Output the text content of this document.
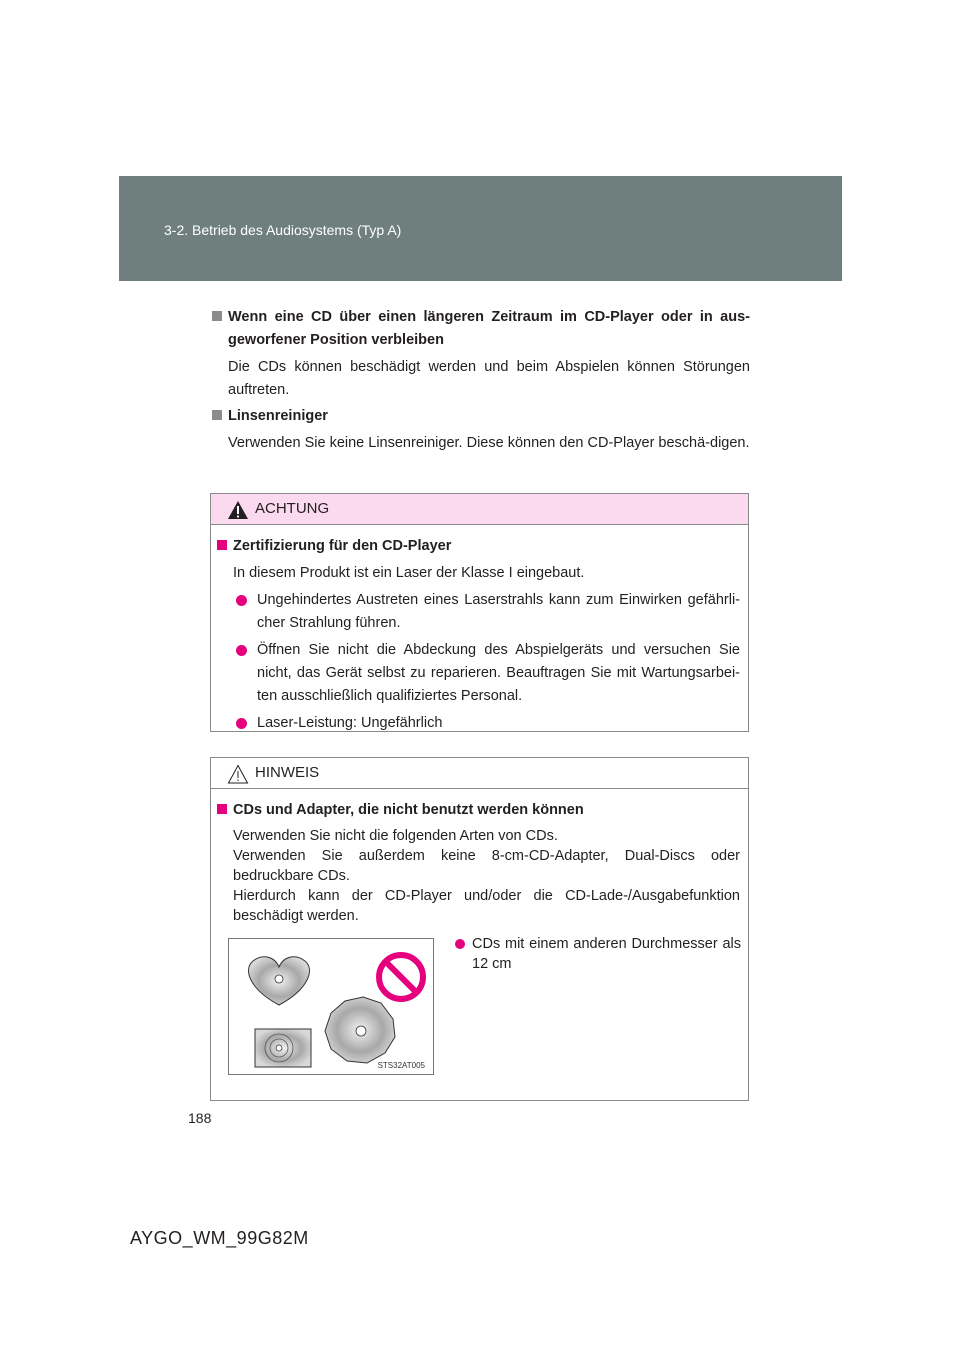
3-2. Betrieb des Audiosystems (Typ A)
Wenn eine CD über einen längeren Zeitraum im CD-Player oder in aus-geworfener Position verbleiben
Die CDs können beschädigt werden und beim Abspielen können Störungen auftreten.
Linsenreiniger
Verwenden Sie keine Linsenreiniger. Diese können den CD-Player beschä-digen.
ACHTUNG
Zertifizierung für den CD-Player
In diesem Produkt ist ein Laser der Klasse I eingebaut.
Ungehindertes Austreten eines Laserstrahls kann zum Einwirken gefährli-cher Strahlung führen.
Öffnen Sie nicht die Abdeckung des Abspielgeräts und versuchen Sie nicht, das Gerät selbst zu reparieren. Beauftragen Sie mit Wartungsarbei-ten ausschließlich qualifiziertes Personal.
Laser-Leistung: Ungefährlich
HINWEIS
CDs und Adapter, die nicht benutzt werden können
Verwenden Sie nicht die folgenden Arten von CDs.
Verwenden Sie außerdem keine 8-cm-CD-Adapter, Dual-Discs oder bedruckbare CDs.
Hierdurch kann der CD-Player und/oder die CD-Lade-/Ausgabefunktion beschädigt werden.
CDs mit einem anderen Durchmesser als 12 cm
STS32AT005
188
AYGO_WM_99G82M
